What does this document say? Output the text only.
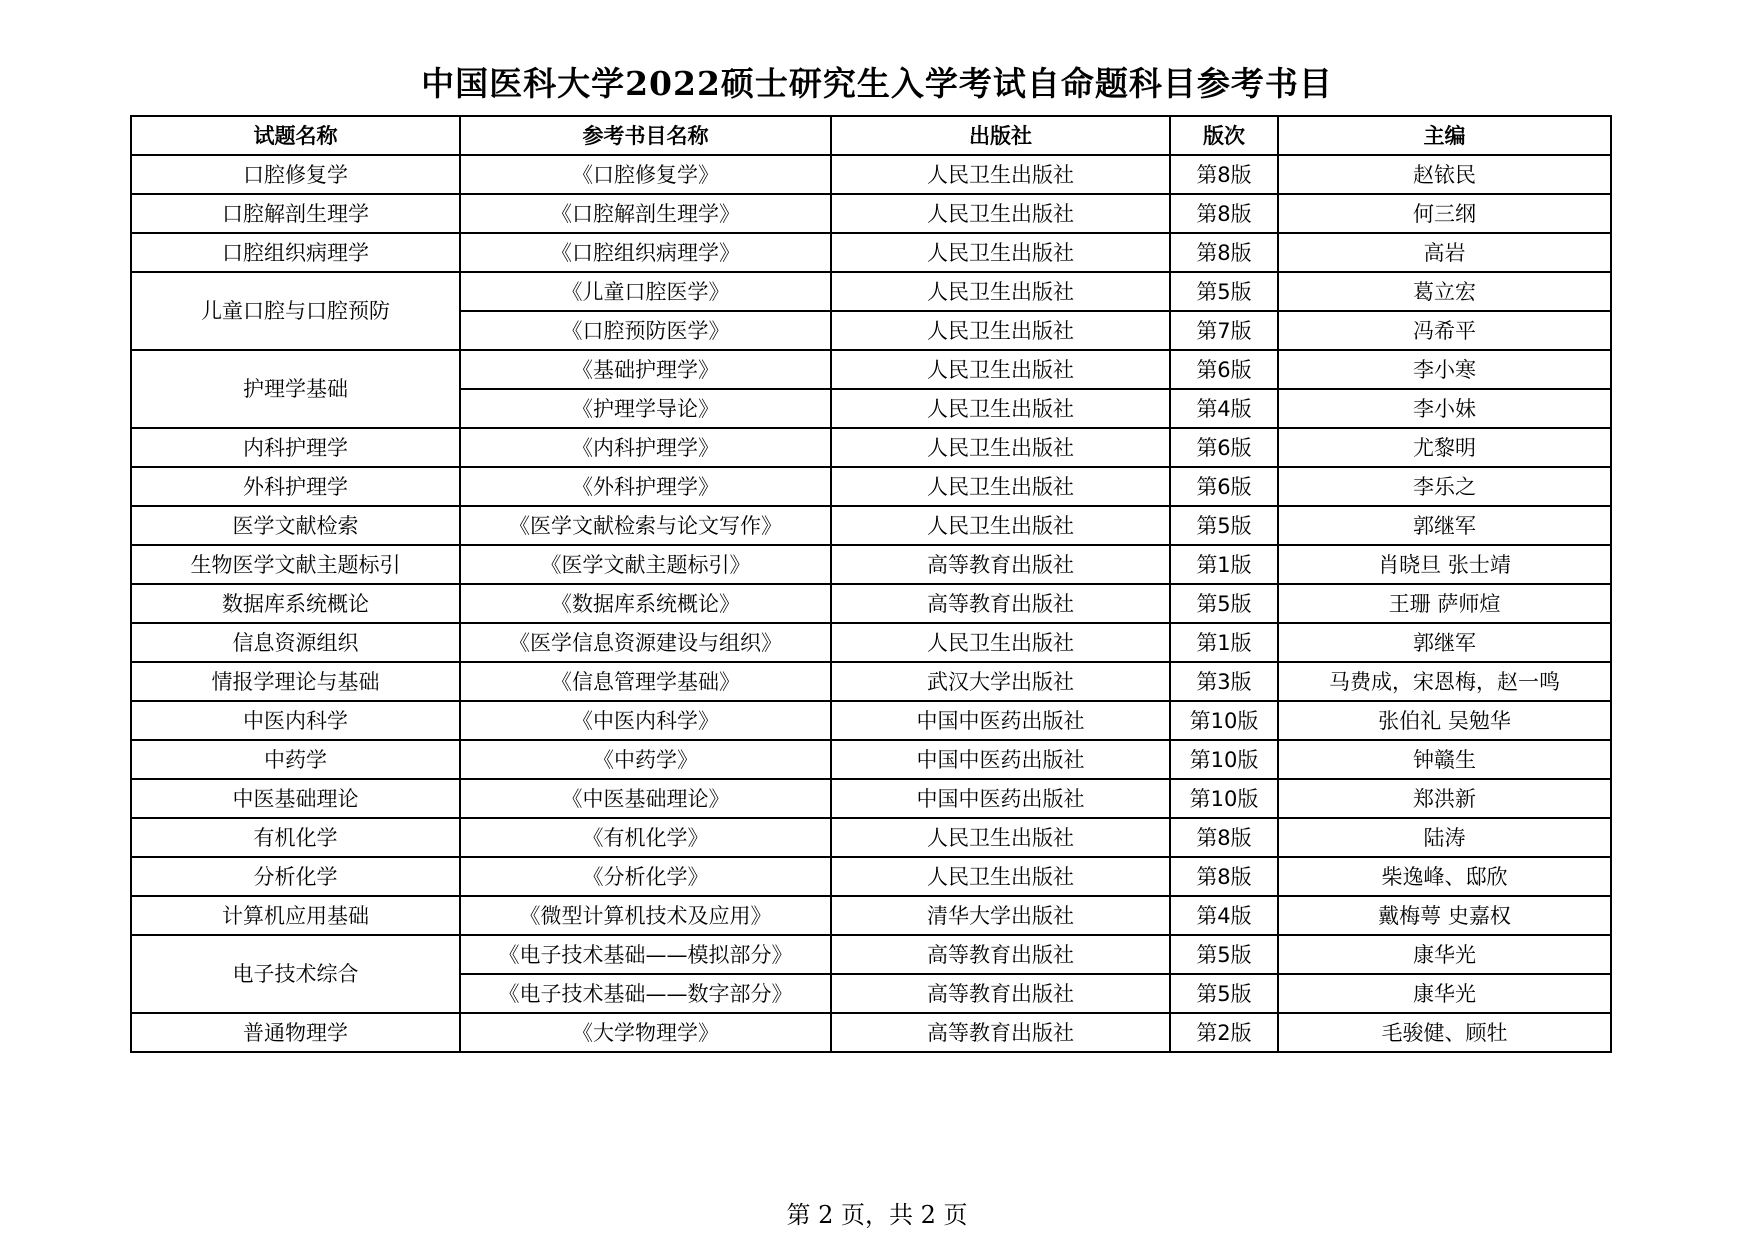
中国医科大学2022硕士研究生入学考试自命题科目参考书目
试题名称	参考书目名称	出版社	版次	主编
口腔修复学	《口腔修复学》	人民卫生出版社	第8版	赵铱民
口腔解剖生理学	《口腔解剖生理学》	人民卫生出版社	第8版	何三纲
口腔组织病理学	《口腔组织病理学》	人民卫生出版社	第8版	高岩
儿童口腔与口腔预防	《儿童口腔医学》	人民卫生出版社	第5版	葛立宏
	《口腔预防医学》	人民卫生出版社	第7版	冯希平
护理学基础	《基础护理学》	人民卫生出版社	第6版	李小寒
	《护理学导论》	人民卫生出版社	第4版	李小妹
内科护理学	《内科护理学》	人民卫生出版社	第6版	尤黎明
外科护理学	《外科护理学》	人民卫生出版社	第6版	李乐之
医学文献检索	《医学文献检索与论文写作》	人民卫生出版社	第5版	郭继军
生物医学文献主题标引	《医学文献主题标引》	高等教育出版社	第1版	肖晓旦 张士靖
数据库系统概论	《数据库系统概论》	高等教育出版社	第5版	王珊 萨师煊
信息资源组织	《医学信息资源建设与组织》	人民卫生出版社	第1版	郭继军
情报学理论与基础	《信息管理学基础》	武汉大学出版社	第3版	马费成，宋恩梅，赵一鸣
中医内科学	《中医内科学》	中国中医药出版社	第10版	张伯礼 吴勉华
中药学	《中药学》	中国中医药出版社	第10版	钟赣生
中医基础理论	《中医基础理论》	中国中医药出版社	第10版	郑洪新
有机化学	《有机化学》	人民卫生出版社	第8版	陆涛
分析化学	《分析化学》	人民卫生出版社	第8版	柴逸峰、邸欣
计算机应用基础	《微型计算机技术及应用》	清华大学出版社	第4版	戴梅萼 史嘉权
电子技术综合	《电子技术基础——模拟部分》	高等教育出版社	第5版	康华光
	《电子技术基础——数字部分》	高等教育出版社	第5版	康华光
普通物理学	《大学物理学》	高等教育出版社	第2版	毛骏健、顾牡
第 2 页，共 2 页
